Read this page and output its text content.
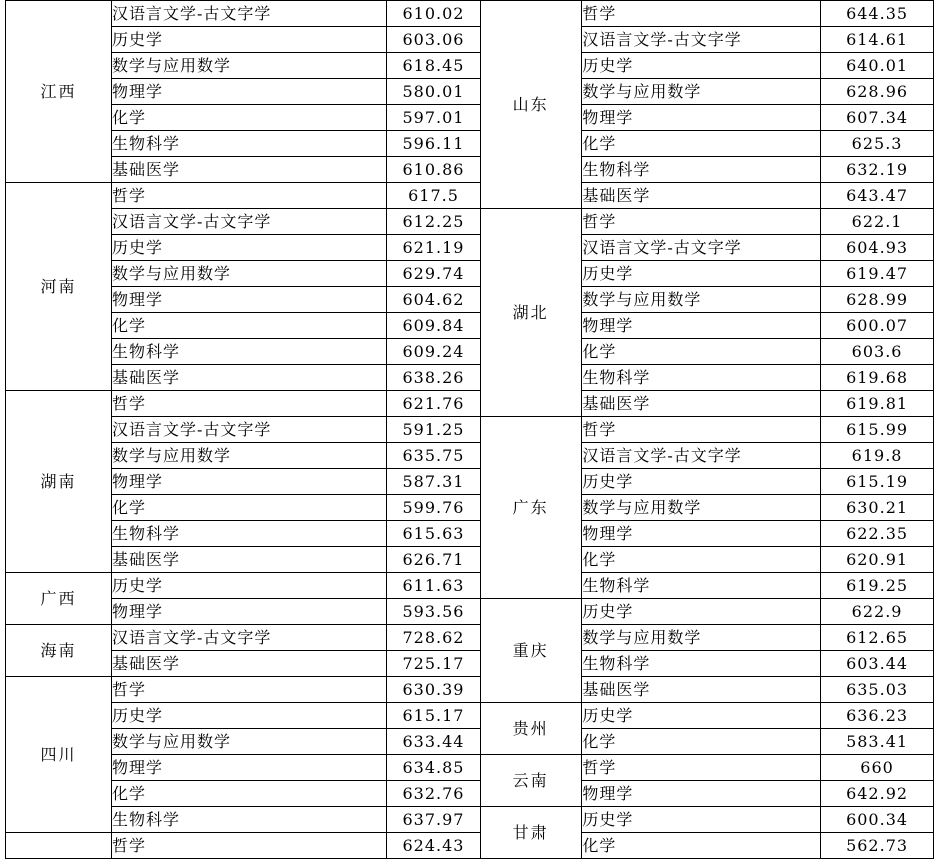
江西	汉语言文学-古文字学	610.02
	历史学	603.06
	数学与应用数学	618.45
	物理学	580.01
	化学	597.01
	生物科学	596.11
	基础医学	610.86
河南	哲学	617.5
	汉语言文学-古文字学	612.25
	历史学	621.19
	数学与应用数学	629.74
	物理学	604.62
	化学	609.84
	生物科学	609.24
	基础医学	638.26
湖南	哲学	621.76
	汉语言文学-古文字学	591.25
	数学与应用数学	635.75
	物理学	587.31
	化学	599.76
	生物科学	615.63
	基础医学	626.71
广西	历史学	611.63
	物理学	593.56
海南	汉语言文学-古文字学	728.62
	基础医学	725.17
四川	哲学	630.39
	历史学	615.17
	数学与应用数学	633.44
	物理学	634.85
	化学	632.76
	生物科学	637.97
	哲学	624.43
山东	哲学	644.35
	汉语言文学-古文字学	614.61
	历史学	640.01
	数学与应用数学	628.96
	物理学	607.34
	化学	625.3
	生物科学	632.19
	基础医学	643.47
湖北	哲学	622.1
	汉语言文学-古文字学	604.93
	历史学	619.47
	数学与应用数学	628.99
	物理学	600.07
	化学	603.6
	生物科学	619.68
	基础医学	619.81
广东	哲学	615.99
	汉语言文学-古文字学	619.8
	历史学	615.19
	数学与应用数学	630.21
	物理学	622.35
	化学	620.91
	生物科学	619.25
重庆	历史学	622.9
	数学与应用数学	612.65
	生物科学	603.44
	基础医学	635.03
贵州	历史学	636.23
	化学	583.41
云南	哲学	660
	物理学	642.92
甘肃	历史学	600.34
	化学	562.73
